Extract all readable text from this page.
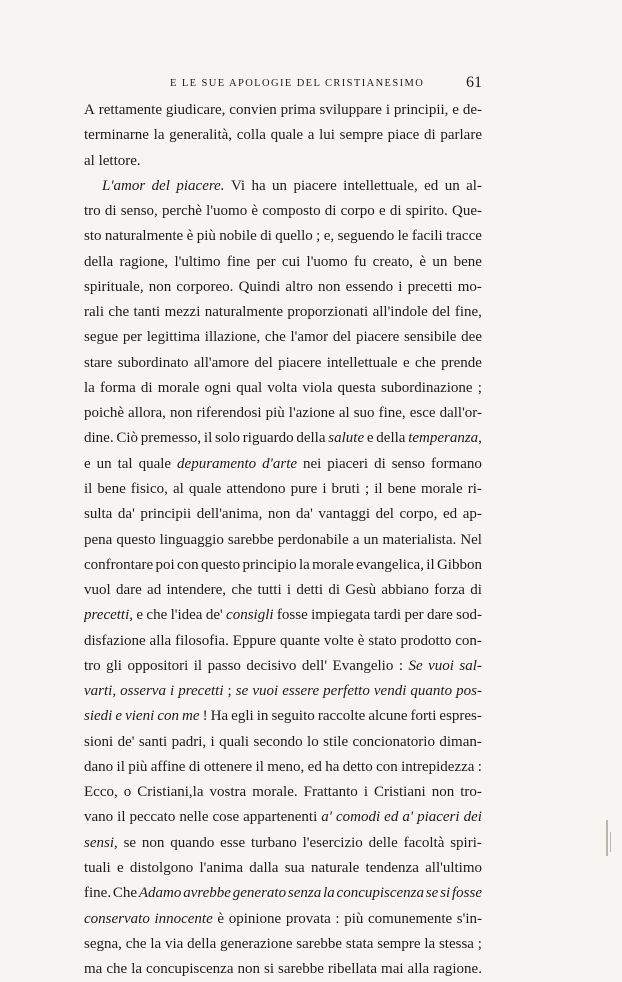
E LE SUE APOLOGIE DEL CRISTIANESIMO	61
A rettamente giudicare, convien prima sviluppare i principii, e de-
terminarne la generalità, colla quale a lui sempre piace di parlare
al
lettore.
L'amor del piacere. Vi ha un piacere intellettuale, ed un al-
tro di senso, perchè l'uomo è composto di corpo e di spirito. Que-
sto naturalmente è più nobile di quello ; e, seguendo le facili tracce
della ragione, l'ultimo fine per cui l'uomo fu creato, è un bene
spirituale, non corporeo. Quindi altro non essendo i precetti mo-
rali che tanti mezzi naturalmente proporzionati all'indole del fine,
segue per legittima illazione, che l'amor del piacere sensibile dee
stare subordinato all'amore del piacere intellettuale e che prende
la forma di morale ogni qual volta viola questa subordinazione ;
poichè allora, non riferendosi più l'azione al suo fine, esce dall'or-
dine. Ciò premesso, il solo riguardo della salute e della temperanza,
e un tal quale depuramento d'arte nei piaceri di senso formano
il bene fisico, al quale attendono pure i bruti ; il bene morale ri-
sulta da' principii dell'anima, non da' vantaggi del corpo, ed ap-
pena questo linguaggio sarebbe perdonabile a un materialista. Nel
confrontare poi con questo principio la morale evangelica, il Gibbon
vuol dare ad intendere, che tutti i detti di Gesù abbiano forza di
precetti, e che l'idea de' consigli fosse impiegata tardi per dare sod-
disfazione alla filosofia. Eppure quante volte è stato prodotto con-
tro gli oppositori il passo decisivo dell' Evangelio : Se vuoi sal-
varti, osserva i precetti ; se vuoi essere perfetto vendi quanto pos-
siedi e vieni con me ! Ha egli in seguito raccolte alcune forti espres-
sioni de' santi padri, i quali secondo lo stile concionatorio diman-
dano il più affine di ottenere il meno, ed ha detto con intrepidezza :
Ecco, o Cristiani,la vostra morale. Frattanto i Cristiani non tro-
vano il peccato nelle cose appartenenti a' comodi ed a' piaceri dei
sensi, se non quando esse turbano l'esercizio delle facoltà spiri-
tuali e distolgono l'anima dalla sua naturale tendenza all'ultimo
fine. Che Adamo avrebbe generato senza la concupiscenza se si fosse
conservato innocente è opinione provata : più comunemente s'in-
segna, che la via della generazione sarebbe stata sempre la stessa ;
ma che la concupiscenza non si sarebbe ribellata mai alla ragione.
